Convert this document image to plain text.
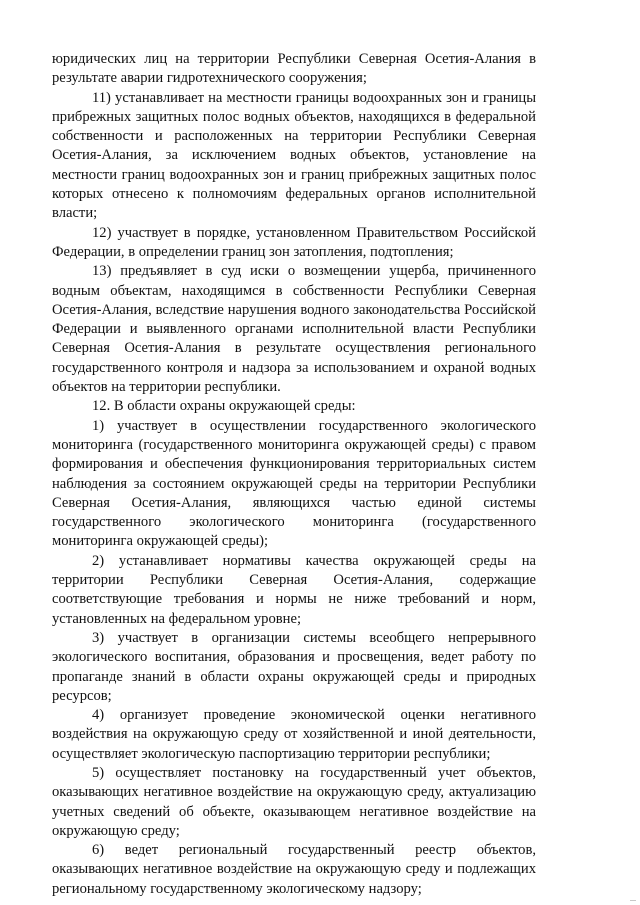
юридических лиц на территории Республики Северная Осетия-Алания в результате аварии гидротехнического сооружения;

11) устанавливает на местности границы водоохранных зон и границы прибрежных защитных полос водных объектов, находящихся в федеральной собственности и расположенных на территории Республики Северная Осетия-Алания, за исключением водных объектов, установление на местности границ водоохранных зон и границ прибрежных защитных полос которых отнесено к полномочиям федеральных органов исполнительной власти;

12) участвует в порядке, установленном Правительством Российской Федерации, в определении границ зон затопления, подтопления;

13) предъявляет в суд иски о возмещении ущерба, причиненного водным объектам, находящимся в собственности Республики Северная Осетия-Алания, вследствие нарушения водного законодательства Российской Федерации и выявленного органами исполнительной власти Республики Северная Осетия-Алания в результате осуществления регионального государственного контроля и надзора за использованием и охраной водных объектов на территории республики.

12. В области охраны окружающей среды:

1) участвует в осуществлении государственного экологического мониторинга (государственного мониторинга окружающей среды) с правом формирования и обеспечения функционирования территориальных систем наблюдения за состоянием окружающей среды на территории Республики Северная Осетия-Алания, являющихся частью единой системы государственного экологического мониторинга (государственного мониторинга окружающей среды);

2) устанавливает нормативы качества окружающей среды на территории Республики Северная Осетия-Алания, содержащие соответствующие требования и нормы не ниже требований и норм, установленных на федеральном уровне;

3) участвует в организации системы всеобщего непрерывного экологического воспитания, образования и просвещения, ведет работу по пропаганде знаний в области охраны окружающей среды и природных ресурсов;

4) организует проведение экономической оценки негативного воздействия на окружающую среду от хозяйственной и иной деятельности, осуществляет экологическую паспортизацию территории республики;

5) осуществляет постановку на государственный учет объектов, оказывающих негативное воздействие на окружающую среду, актуализацию учетных сведений об объекте, оказывающем негативное воздействие на окружающую среду;

6) ведет региональный государственный реестр объектов, оказывающих негативное воздействие на окружающую среду и подлежащих региональному государственному экологическому надзору;
